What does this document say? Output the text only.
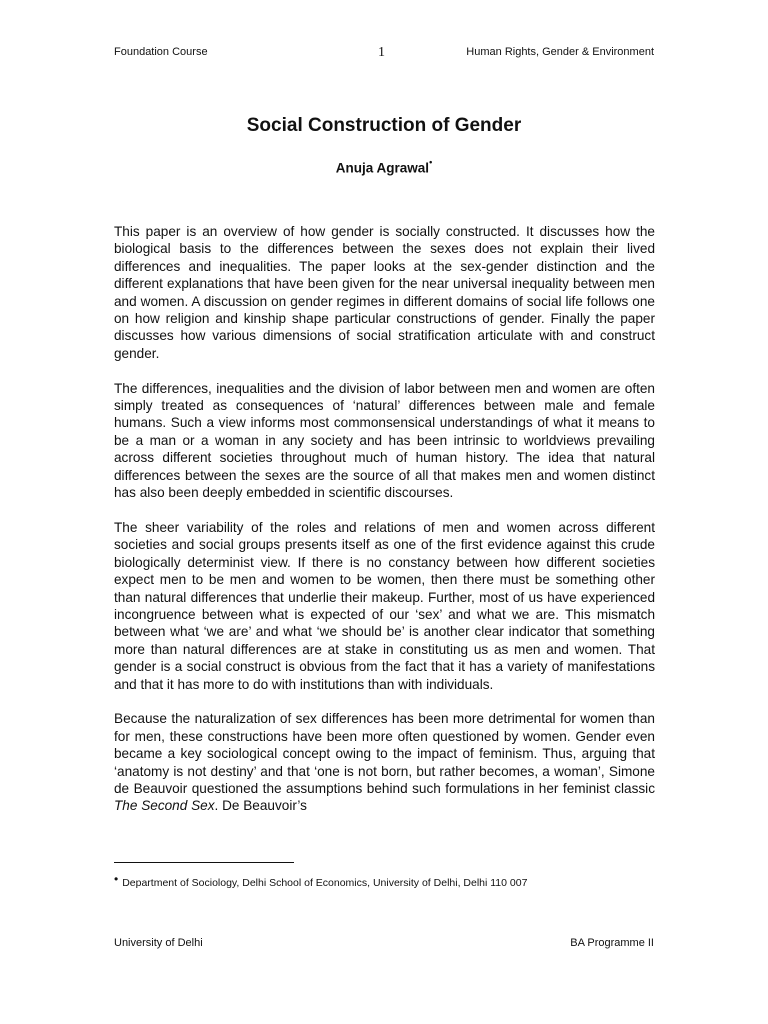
Foundation Course	1	Human Rights, Gender & Environment
Social Construction of Gender
Anuja Agrawal•

This paper is an overview of how gender is socially constructed. It discusses how the biological basis to the differences between the sexes does not explain their lived differences and inequalities. The paper looks at the sex-gender distinction and the different explanations that have been given for the near universal inequality between men and women. A discussion on gender regimes in different domains of social life follows one on how religion and kinship shape particular constructions of gender. Finally the paper discusses how various dimensions of social stratification articulate with and construct gender.

The differences, inequalities and the division of labor between men and women are often simply treated as consequences of ‘natural’ differences between male and female humans. Such a view informs most commonsensical understandings of what it means to be a man or a woman in any society and has been intrinsic to worldviews prevailing across different societies throughout much of human history. The idea that natural differences between the sexes are the source of all that makes men and women distinct has also been deeply embedded in scientific discourses.

The sheer variability of the roles and relations of men and women across different societies and social groups presents itself as one of the first evidence against this crude biologically determinist view. If there is no constancy between how different societies expect men to be men and women to be women, then there must be something other than natural differences that underlie their makeup. Further, most of us have experienced incongruence between what is expected of our ‘sex’ and what we are. This mismatch between what ‘we are’ and what ‘we should be’ is another clear indicator that something more than natural differences are at stake in constituting us as men and women. That gender is a social construct is obvious from the fact that it has a variety of manifestations and that it has more to do with institutions than with individuals.

Because the naturalization of sex differences has been more detrimental for women than for men, these constructions have been more often questioned by women. Gender even became a key sociological concept owing to the impact of feminism. Thus, arguing that ‘anatomy is not destiny’ and that ‘one is not born, but rather becomes, a woman’, Simone de Beauvoir questioned the assumptions behind such formulations in her feminist classic The Second Sex. De Beauvoir’s

• Department of Sociology, Delhi School of Economics, University of Delhi, Delhi 110 007
University of Delhi	BA Programme II
